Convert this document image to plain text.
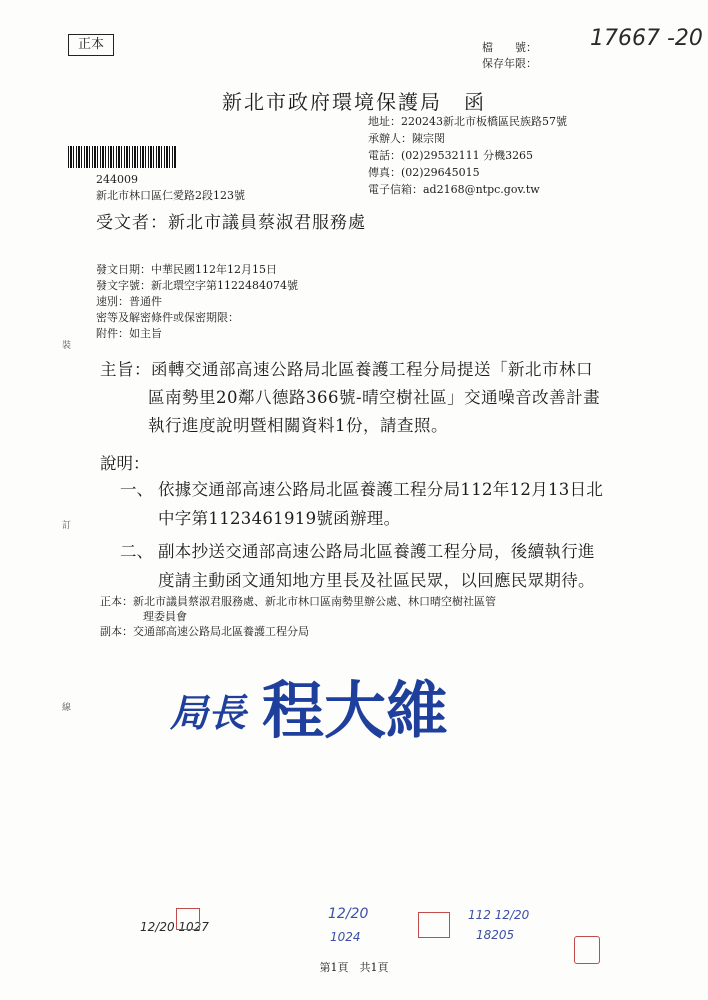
正本	17667 -20
檔　　號：
保存年限：
新北市政府環境保護局　函
地址：220243新北市板橋區民族路57號
承辦人：陳宗閔
電話：(02)29532111 分機3265
傳真：(02)29645015
電子信箱：ad2168@ntpc.gov.tw
244009
新北市林口區仁愛路2段123號
受文者：新北市議員蔡淑君服務處
發文日期：中華民國112年12月15日
發文字號：新北環空字第1122484074號
速別：普通件
密等及解密條件或保密期限：
附件：如主旨
裝
訂
線
主旨：函轉交通部高速公路局北區養護工程分局提送「新北市林口
區南勢里20鄰八德路366號-晴空樹社區」交通噪音改善計畫
執行進度說明暨相關資料1份，請查照。
說明：
一、 依據交通部高速公路局北區養護工程分局112年12月13日北
中字第1123461919號函辦理。
二、 副本抄送交通部高速公路局北區養護工程分局，後續執行進
度請主動函文通知地方里長及社區民眾，以回應民眾期待。
正本：新北市議員蔡淑君服務處、新北市林口區南勢里辦公處、林口晴空樹社區管
理委員會
副本：交通部高速公路局北區養護工程分局
局長 程大維
12/20 1027
12/20
1024
112 12/20
18205
第1頁　共1頁
